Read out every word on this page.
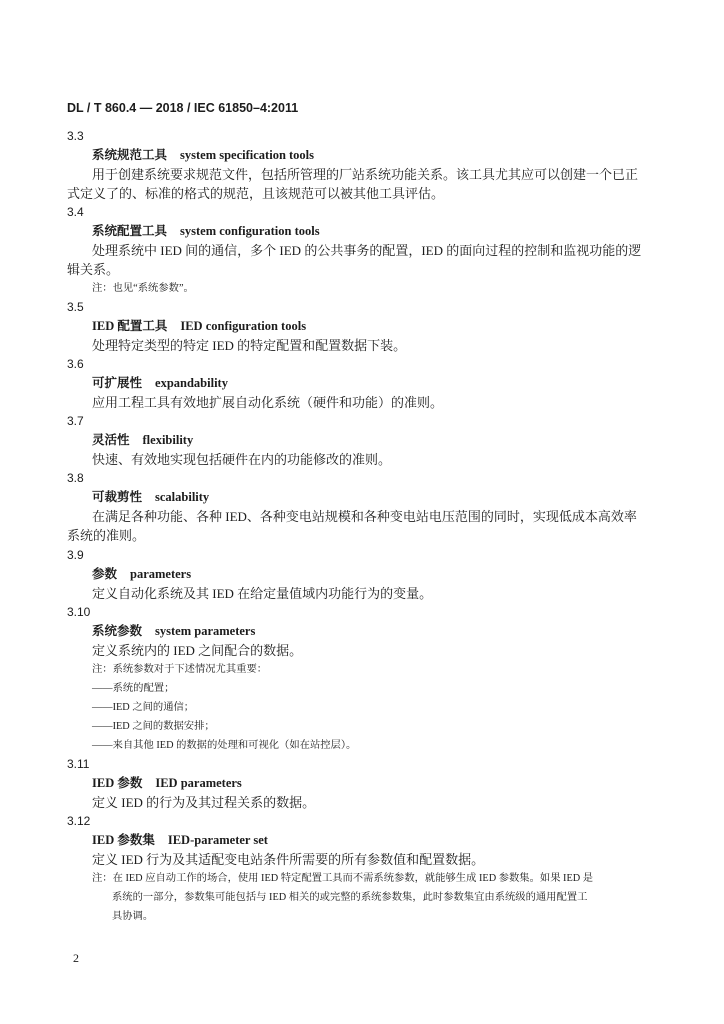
DL / T 860.4 — 2018 / IEC 61850–4:2011
3.3
系统规范工具 system specification tools
用于创建系统要求规范文件，包括所管理的厂站系统功能关系。该工具尤其应可以创建一个已正
式定义了的、标准的格式的规范，且该规范可以被其他工具评估。
3.4
系统配置工具 system configuration tools
处理系统中 IED 间的通信，多个 IED 的公共事务的配置，IED 的面向过程的控制和监视功能的逻
辑关系。
注：也见“系统参数”。
3.5
IED 配置工具 IED configuration tools
处理特定类型的特定 IED 的特定配置和配置数据下装。
3.6
可扩展性 expandability
应用工程工具有效地扩展自动化系统（硬件和功能）的准则。
3.7
灵活性 flexibility
快速、有效地实现包括硬件在内的功能修改的准则。
3.8
可裁剪性 scalability
在满足各种功能、各种 IED、各种变电站规模和各种变电站电压范围的同时，实现低成本高效率
系统的准则。
3.9
参数 parameters
定义自动化系统及其 IED 在给定量值域内功能行为的变量。
3.10
系统参数 system parameters
定义系统内的 IED 之间配合的数据。
注：系统参数对于下述情况尤其重要：
——系统的配置；
——IED 之间的通信；
——IED 之间的数据安排；
——来自其他 IED 的数据的处理和可视化（如在站控层）。
3.11
IED 参数 IED parameters
定义 IED 的行为及其过程关系的数据。
3.12
IED 参数集 IED-parameter set
定义 IED 行为及其适配变电站条件所需要的所有参数值和配置数据。
注：在 IED 应自动工作的场合，使用 IED 特定配置工具而不需系统参数，就能够生成 IED 参数集。如果 IED 是
系统的一部分，参数集可能包括与 IED 相关的或完整的系统参数集，此时参数集宜由系统级的通用配置工
具协调。
2
